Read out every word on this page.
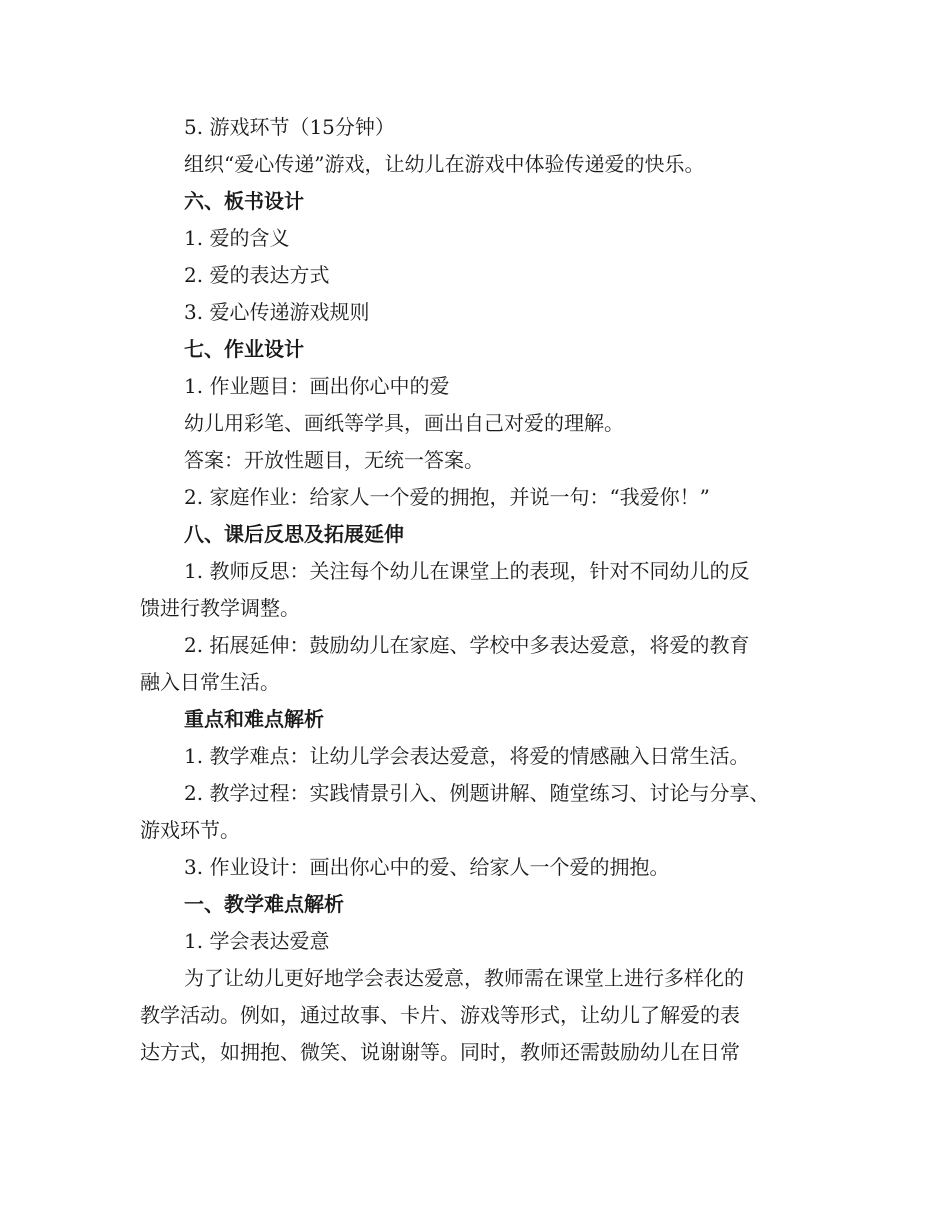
5. 游戏环节（15分钟）
组织“爱心传递”游戏，让幼儿在游戏中体验传递爱的快乐。
六、板书设计
1. 爱的含义
2. 爱的表达方式
3. 爱心传递游戏规则
七、作业设计
1. 作业题目：画出你心中的爱
幼儿用彩笔、画纸等学具，画出自己对爱的理解。
答案：开放性题目，无统一答案。
2. 家庭作业：给家人一个爱的拥抱，并说一句：“我爱你！”
八、课后反思及拓展延伸
1. 教师反思：关注每个幼儿在课堂上的表现，针对不同幼儿的反
馈进行教学调整。
2. 拓展延伸：鼓励幼儿在家庭、学校中多表达爱意，将爱的教育
融入日常生活。
重点和难点解析
1. 教学难点：让幼儿学会表达爱意，将爱的情感融入日常生活。
2. 教学过程：实践情景引入、例题讲解、随堂练习、讨论与分享、
游戏环节。
3. 作业设计：画出你心中的爱、给家人一个爱的拥抱。
一、教学难点解析
1. 学会表达爱意
为了让幼儿更好地学会表达爱意，教师需在课堂上进行多样化的
教学活动。例如，通过故事、卡片、游戏等形式，让幼儿了解爱的表
达方式，如拥抱、微笑、说谢谢等。同时，教师还需鼓励幼儿在日常
